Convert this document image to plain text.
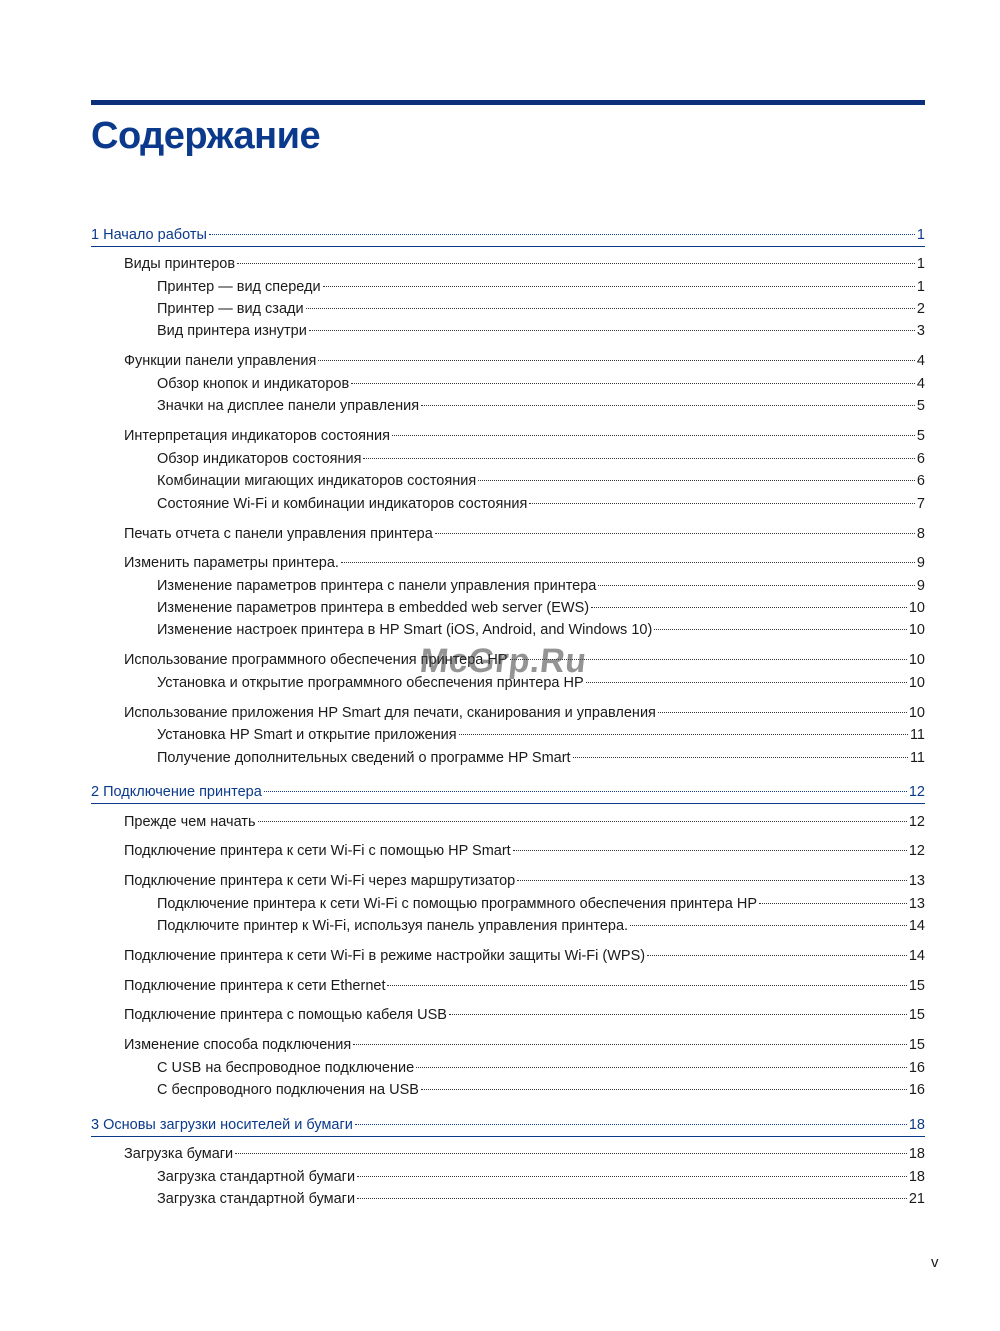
Содержание
1 Начало работы	1
Виды принтеров	1
Принтер — вид спереди	1
Принтер — вид сзади	2
Вид принтера изнутри	3
Функции панели управления	4
Обзор кнопок и индикаторов	4
Значки на дисплее панели управления	5
Интерпретация индикаторов состояния	5
Обзор индикаторов состояния	6
Комбинации мигающих индикаторов состояния	6
Состояние Wi-Fi и комбинации индикаторов состояния	7
Печать отчета с панели управления принтера	8
Изменить параметры принтера.	9
Изменение параметров принтера с панели управления принтера	9
Изменение параметров принтера в embedded web server (EWS)	10
Изменение настроек принтера в HP Smart (iOS, Android, and Windows 10)	10
Использование программного обеспечения принтера HP	10
Установка и открытие программного обеспечения принтера HP	10
Использование приложения HP Smart для печати, сканирования и управления	10
Установка HP Smart и открытие приложения	11
Получение дополнительных сведений о программе HP Smart	11
2 Подключение принтера	12
Прежде чем начать	12
Подключение принтера к сети Wi-Fi с помощью HP Smart	12
Подключение принтера к сети Wi-Fi через маршрутизатор	13
Подключение принтера к сети Wi-Fi с помощью программного обеспечения принтера HP	13
Подключите принтер к Wi-Fi, используя панель управления принтера.	14
Подключение принтера к сети Wi-Fi в режиме настройки защиты Wi-Fi (WPS)	14
Подключение принтера к сети Ethernet	15
Подключение принтера с помощью кабеля USB	15
Изменение способа подключения	15
С USB на беспроводное подключение	16
С беспроводного подключения на USB	16
3 Основы загрузки носителей и бумаги	18
Загрузка бумаги	18
Загрузка стандартной бумаги	18
Загрузка стандартной бумаги	21
McGrp.Ru
v
